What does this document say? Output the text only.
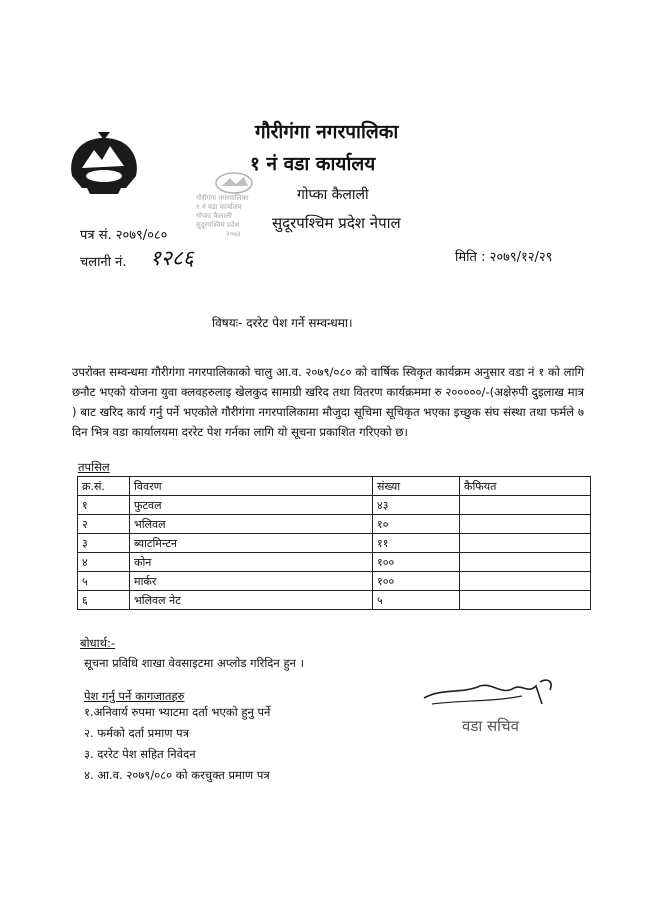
गौरीगंगा नगरपालिका
१ नं वडा कार्यालय
गोप्का कैलाली
सुदूरपश्चिम प्रदेश नेपाल
गौरीगंगा नगरपालिका
१ नं वडा कार्यालय
गोप्का कैलाली
सुदूरपश्चिम प्रदेश
२०७३
पत्र सं. २०७९/०८०
चलानी नं. १२८६	मिति : २०७९/१२/२९
विषयः- दररेट पेश गर्ने सम्वन्धमा।
उपरोक्त सम्वन्धमा गौरीगंगा नगरपालिकाको चालु आ.व. २०७९/०८० को वार्षिक स्विकृत कार्यक्रम अनुसार वडा नं १ को लागि छनौट भएको योजना युवा क्लवहरुलाइ खेलकुद सामाग्री खरिद तथा वितरण कार्यक्रममा रु २०००००/-(अक्षेरुपी दुइलाख मात्र ) बाट खरिद कार्य गर्नु पर्ने भएकोले गौरीगंगा नगरपालिकामा मौजुदा सूचिमा सूचिकृत भएका इच्छुक संघ संस्था तथा फर्मले ७ दिन भित्र वडा कार्यालयमा दररेट पेश गर्नका लागि यो सूचना प्रकाशित गरिएको छ।
तपसिल
क्र.सं.	विवरण	संख्या	कैफियत
१	फुटवल	४३	
२	भलिवल	१०	
३	ब्याटमिन्टन	११	
४	कोन	१००	
५	मार्कर	१००	
६	भलिवल नेट	५	
बोधार्थ:-
सूचना प्रविधि शाखा वेवसाइटमा अप्लोड गरिदिन हुन ।
पेश गर्नु पर्ने कागजातहरु
१.अनिवार्य रुपमा भ्याटमा दर्ता भएको हुनु पर्ने
२. फर्मको दर्ता प्रमाण पत्र
३. दररेट पेश सहित निवेदन
४. आ.व. २०७९/०८० को करचुक्त प्रमाण पत्र
वडा सचिव
